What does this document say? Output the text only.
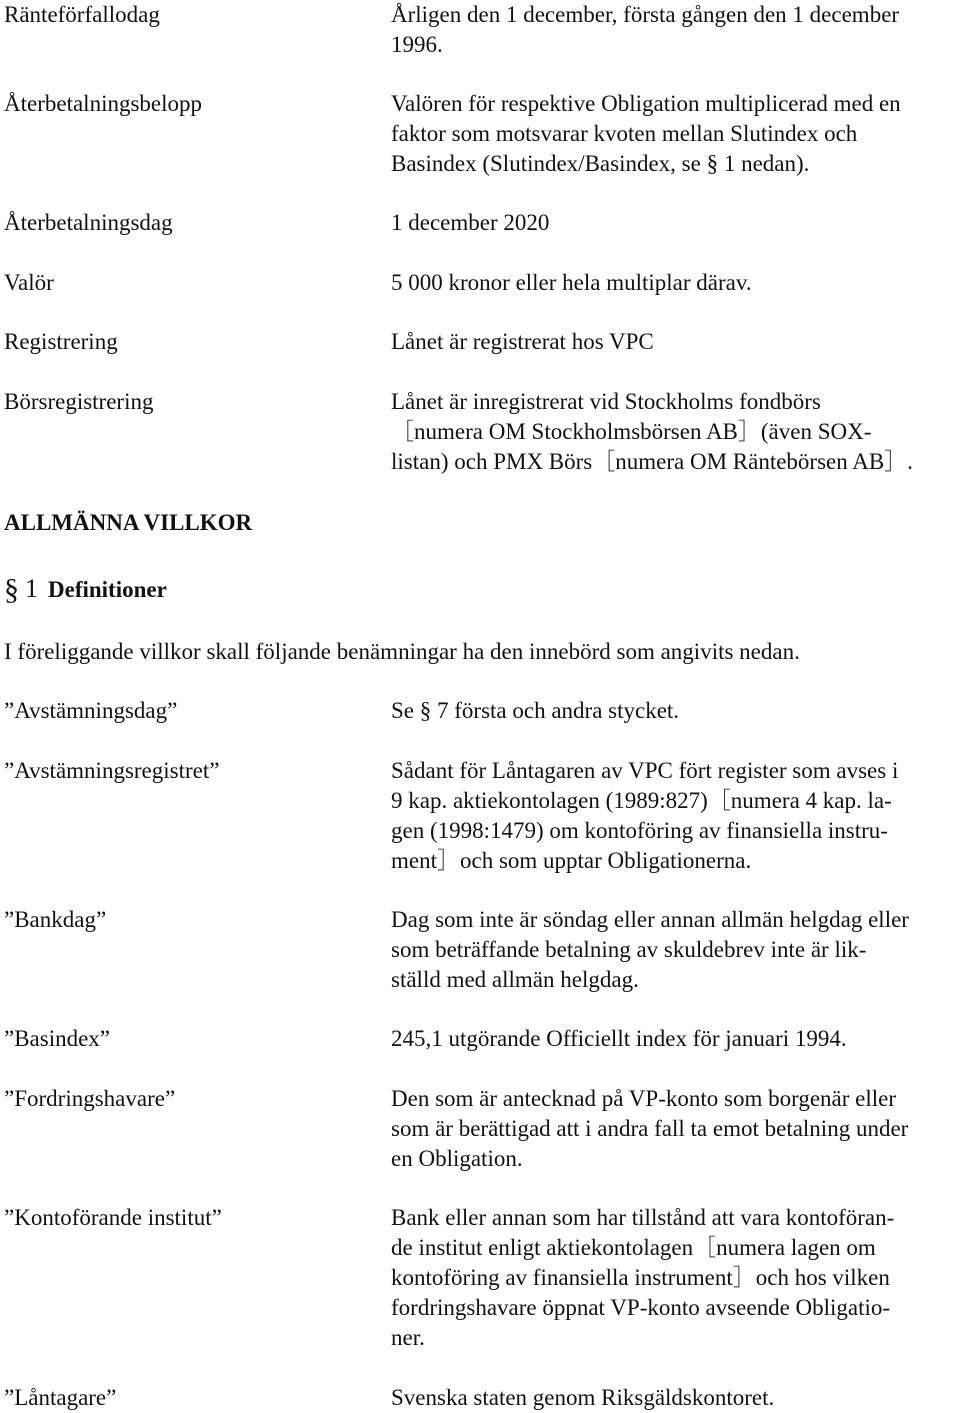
Ränteförfallodag	Årligen den 1 december, första gången den 1 december
1996.
Återbetalningsbelopp	Valören för respektive Obligation multiplicerad med en
faktor som motsvarar kvoten mellan Slutindex och
Basindex (Slutindex/Basindex, se § 1 nedan).
Återbetalningsdag	1 december 2020
Valör	5 000 kronor eller hela multiplar därav.
Registrering	Lånet är registrerat hos VPC
Börsregistrering	Lånet är inregistrerat vid Stockholms fondbörs
［numera OM Stockholmsbörsen AB］(även SOX-
listan) och PMX Börs［numera OM Räntebörsen AB］.
ALLMÄNNA VILLKOR
§ 1 Definitioner
I föreliggande villkor skall följande benämningar ha den innebörd som angivits nedan.
”Avstämningsdag”	Se § 7 första och andra stycket.
”Avstämningsregistret”	Sådant för Låntagaren av VPC fört register som avses i
9 kap. aktiekontolagen (1989:827)［numera 4 kap. la-
gen (1998:1479) om kontoföring av finansiella instru-
ment］och som upptar Obligationerna.
”Bankdag”	Dag som inte är söndag eller annan allmän helgdag eller
som beträffande betalning av skuldebrev inte är lik-
ställd med allmän helgdag.
”Basindex”	245,1 utgörande Officiellt index för januari 1994.
”Fordringshavare”	Den som är antecknad på VP-konto som borgenär eller
som är berättigad att i andra fall ta emot betalning under
en Obligation.
”Kontoförande institut”	Bank eller annan som har tillstånd att vara kontoföran-
de institut enligt aktiekontolagen［numera lagen om
kontoföring av finansiella instrument］och hos vilken
fordringshavare öppnat VP-konto avseende Obligatio-
ner.
”Låntagare”	Svenska staten genom Riksgäldskontoret.
